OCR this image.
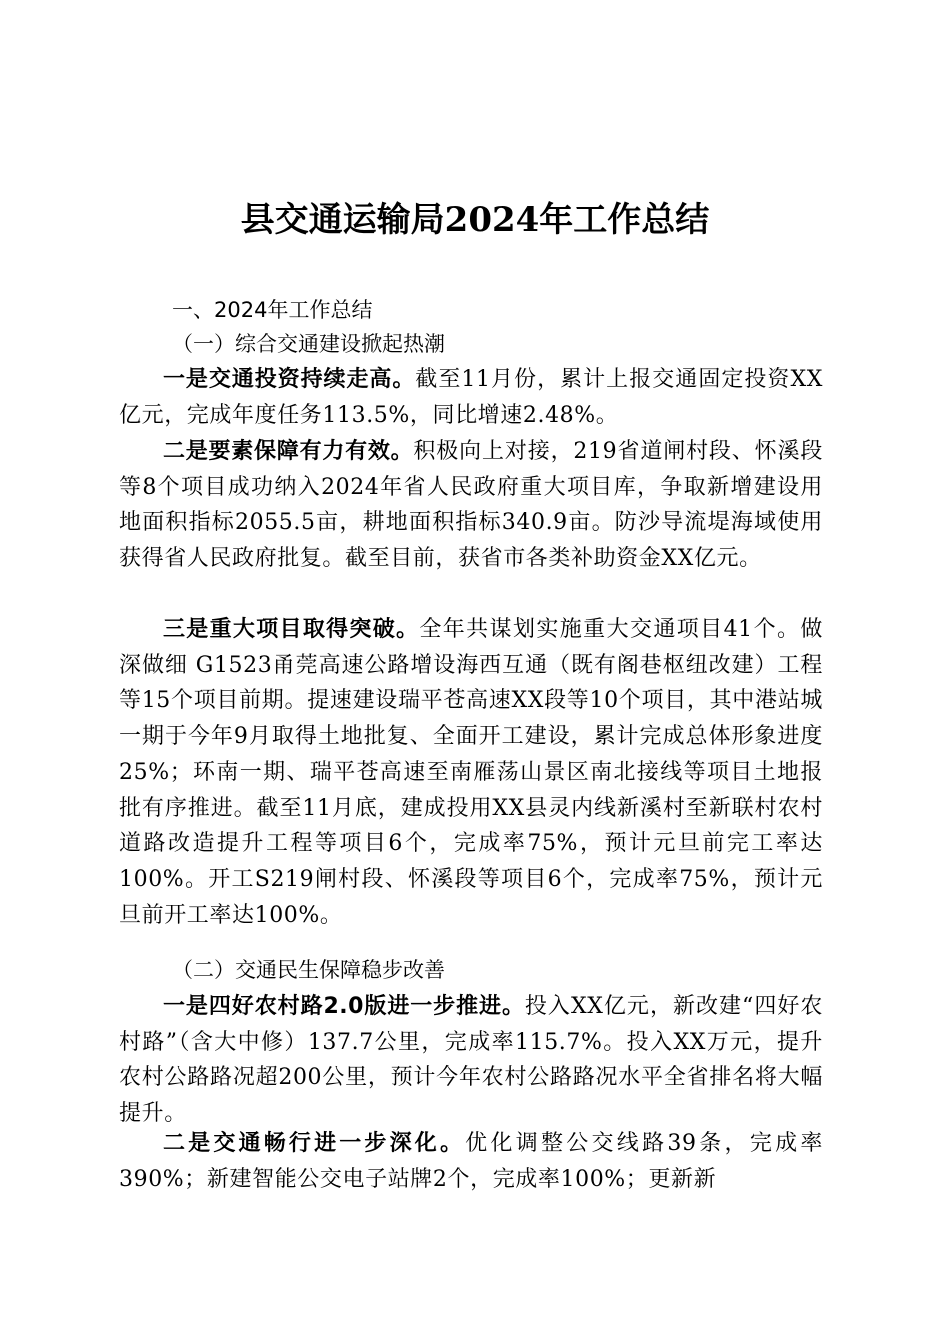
县交通运输局2024年工作总结
一、2024年工作总结
（一）综合交通建设掀起热潮
一是交通投资持续走高。截至11月份，累计上报交通固定投资XX亿元，完成年度任务113.5%，同比增速2.48%。
二是要素保障有力有效。积极向上对接，219省道闸村段、怀溪段等8个项目成功纳入2024年省人民政府重大项目库，争取新增建设用地面积指标2055.5亩，耕地面积指标340.9亩。防沙导流堤海域使用获得省人民政府批复。截至目前，获省市各类补助资金XX亿元。
三是重大项目取得突破。全年共谋划实施重大交通项目41个。做深做细 G1523甬莞高速公路增设海西互通（既有阁巷枢纽改建）工程等15个项目前期。提速建设瑞平苍高速XX段等10个项目，其中港站城一期于今年9月取得土地批复、全面开工建设，累计完成总体形象进度25%；环南一期、瑞平苍高速至南雁荡山景区南北接线等项目土地报批有序推进。截至11月底，建成投用XX县灵内线新溪村至新联村农村道路改造提升工程等项目6个，完成率75%，预计元旦前完工率达100%。开工S219闸村段、怀溪段等项目6个，完成率75%，预计元旦前开工率达100%。
（二）交通民生保障稳步改善
一是四好农村路2.0版进一步推进。投入XX亿元，新改建“四好农村路”（含大中修）137.7公里，完成率115.7%。投入XX万元，提升农村公路路况超200公里，预计今年农村公路路况水平全省排名将大幅提升。
二是交通畅行进一步深化。优化调整公交线路39条，完成率390%；新建智能公交电子站牌2个，完成率100%；更新新
